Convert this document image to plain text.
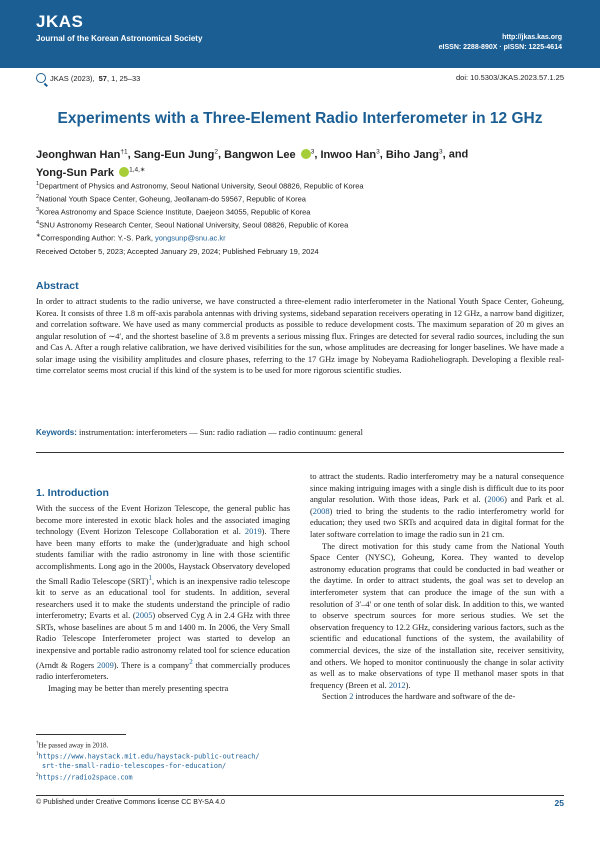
JKAS
Journal of the Korean Astronomical Society	http://jkas.kas.org
eISSN: 2288-890X · pISSN: 1225-4614
JKAS (2023), 57 , 1, 25–33	doi: 10.5303/JKAS.2023.57.1.25
Experiments with a Three-Element Radio Interferometer in 12 GHz
Jeonghwan Han$^{\dagger 1}$, Sang-Eun Jung$^2$, Bangwon Lee $^3$, Inwoo Han$^3$, Biho Jang$^3$, and
Yong-Sun Park $^{1,4,∗}$
$^1$Department of Physics and Astronomy, Seoul National University, Seoul 08826, Republic of Korea
$^2$National Youth Space Center, Goheung, Jeollanam-do 59567, Republic of Korea
$^3$Korea Astronomy and Space Science Institute, Daejeon 34055, Republic of Korea
$^4$SNU Astronomy Research Center, Seoul National University, Seoul 08826, Republic of Korea
∗Corresponding Author: Y.-S. Park, yongsunp@snu.ac.kr
Received October 5, 2023; Accepted January 29, 2024; Published February 19, 2024
Abstract
In order to attract students to the radio universe, we have constructed a three-element radio interferometer in the National Youth Space Center, Goheung, Korea. It consists of three 1.8 m off-axis parabola antennas with driving systems, sideband separation receivers operating in 12 GHz, a narrow band digitizer, and correlation software. We have used as many commercial products as possible to reduce development costs. The maximum separation of 20 m gives an angular resolution of ∼4′, and the shortest baseline of 3.8 m prevents a serious missing flux. Fringes are detected for several radio sources, including the sun and Cas A. After a rough relative calibration, we have derived visibilities for the sun, whose amplitudes are decreasing for longer baselines. We have made a solar image using the visibility amplitudes and closure phases, referring to the 17 GHz image by Nobeyama Radioheliograph. Developing a flexible real-time correlator seems most crucial if this kind of the system is to be used for more rigorous scientific studies.
Keywords: instrumentation: interferometers — Sun: radio radiation — radio continuum: general
1. Introduction

With the success of the Event Horizon Telescope, the general public has become more interested in exotic black holes and the associated imaging technology (Event Horizon Telescope Collaboration et al. 2019). There have been many efforts to make the (under)graduate and high school students familiar with the radio astronomy in line with those scientific accomplishments. Long ago in the 2000s, Haystack Observatory developed the Small Radio Telescope (SRT)$^1$, which is an inexpensive radio telescope kit to serve as an educational tool for students. In addition, several researchers used it to make the students understand the principle of radio interferometry; Evarts et al. (2005) observed Cyg A in 2.4 GHz with three SRTs, whose baselines are about 5 m and 1400 m. In 2006, the Very Small Radio Telescope Interferometer project was started to develop an inexpensive and portable radio astronomy related tool for science education (Arndt & Rogers 2009). There is a company$^2$ that commercially produces radio interferometers.

Imaging may be better than merely presenting spectra

to attract the students. Radio interferometry may be a natural consequence since making intriguing images with a single dish is difficult due to its poor angular resolution. With those ideas, Park et al. (2006) and Park et al. (2008) tried to bring the students to the radio interferometry world for education; they used two SRTs and acquired data in digital format for the later software correlation to image the radio sun in 21 cm.

The direct motivation for this study came from the National Youth Space Center (NYSC), Goheung, Korea. They wanted to develop astronomy education programs that could be conducted in bad weather or the daytime. In order to attract students, the goal was set to develop an interferometer system that can produce the image of the sun with a resolution of 3′–4′ or one tenth of solar disk. In addition to this, we wanted to observe spectrum sources for more serious studies. We set the observation frequency to 12.2 GHz, considering various factors, such as the scientific and educational functions of the system, the availability of commercial devices, the size of the installation site, receiver sensitivity, and others. We hoped to monitor continuously the change in solar activity as well as to make observations of type II methanol maser spots in that frequency (Breen et al. 2012).

Section 2 introduces the hardware and software of the de-

†He passed away in 2018.
$^1$https://www.haystack.mit.edu/haystack-public-outreach/
srt-the-small-radio-telescopes-for-education/
$^2$https://radio2space.com
© Published under Creative Commons license CC BY-SA 4.0	25
